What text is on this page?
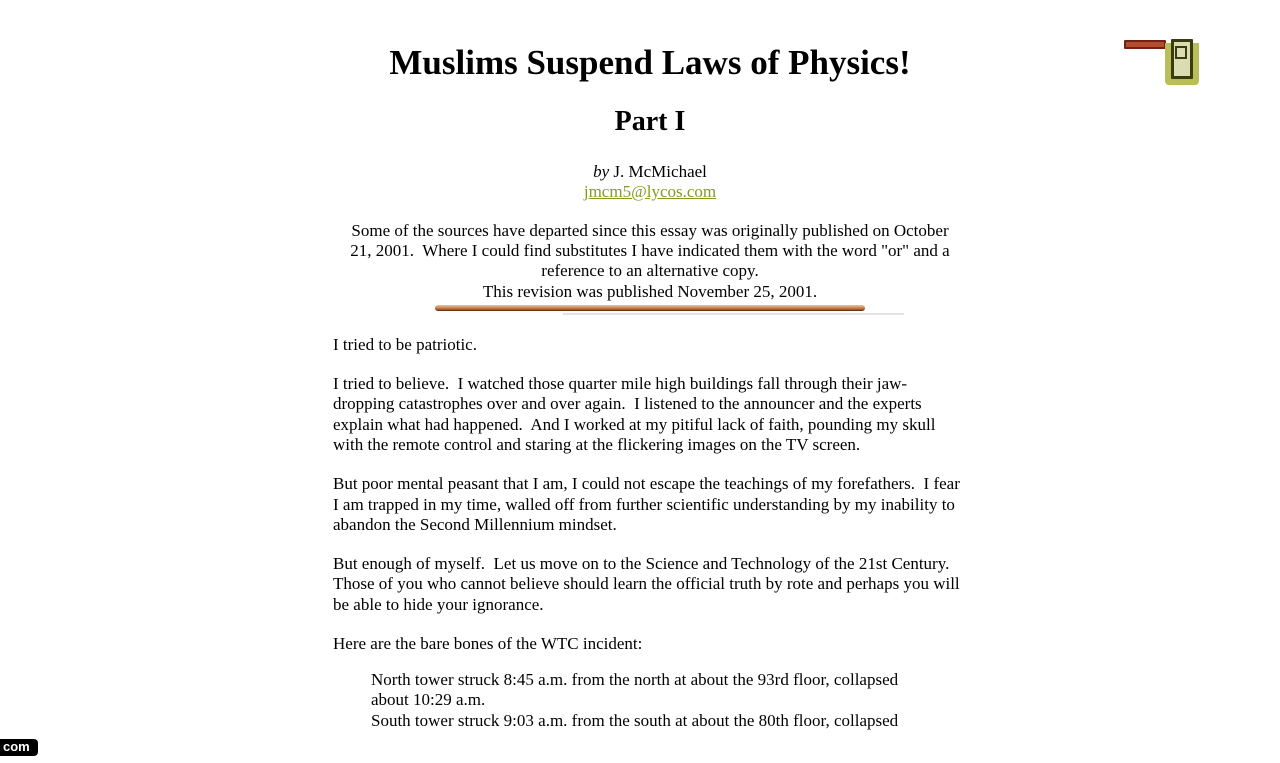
Muslims Suspend Laws of Physics!
Part I

by J. McMichael
jmcm5@lycos.com

Some of the sources have departed since this essay was originally published on October
21, 2001.  Where I could find substitutes I have indicated them with the word "or" and a
reference to an alternative copy.
This revision was published November 25, 2001.

I tried to be patriotic.

I tried to believe.  I watched those quarter mile high buildings fall through their jaw-dropping catastrophes over and over again.  I listened to the announcer and the experts explain what had happened.  And I worked at my pitiful lack of faith, pounding my skull with the remote control and staring at the flickering images on the TV screen.

But poor mental peasant that I am, I could not escape the teachings of my forefathers.  I fear I am trapped in my time, walled off from further scientific understanding by my inability to abandon the Second Millennium mindset.

But enough of myself.  Let us move on to the Science and Technology of the 21st Century.  Those of you who cannot believe should learn the official truth by rote and perhaps you will be able to hide your ignorance.

Here are the bare bones of the WTC incident:

North tower struck 8:45 a.m. from the north at about the 93rd floor, collapsed about 10:29 a.m.
South tower struck 9:03 a.m. from the south at about the 80th floor, collapsed
com
